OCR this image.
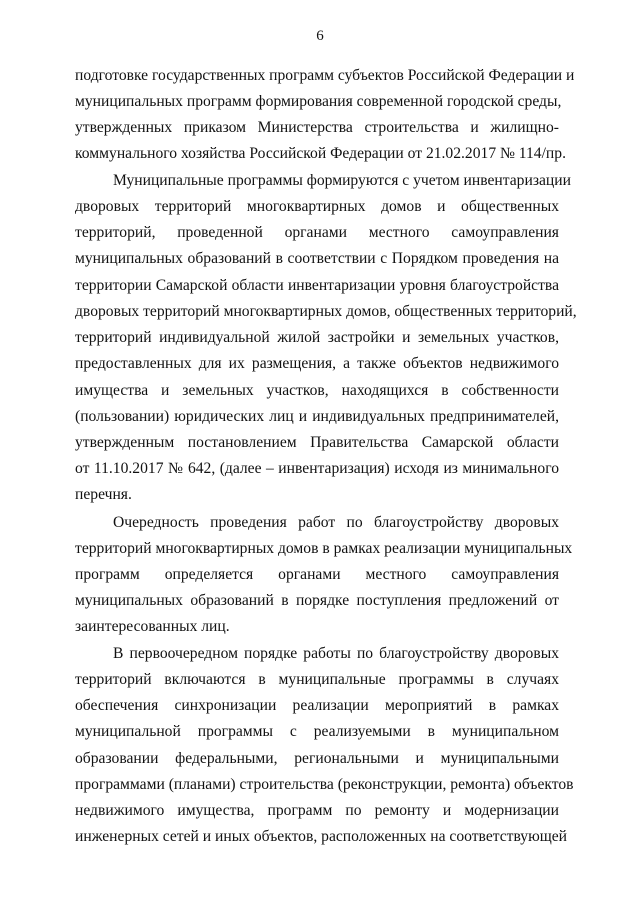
6
подготовке государственных программ субъектов Российской Федерации и
муниципальных программ формирования современной городской среды,
утвержденных приказом Министерства строительства и жилищно-
коммунального хозяйства Российской Федерации от 21.02.2017 № 114/пр.
Муниципальные программы формируются с учетом инвентаризации
дворовых территорий многоквартирных домов и общественных
территорий, проведенной органами местного самоуправления
муниципальных образований в соответствии с Порядком проведения на
территории Самарской области инвентаризации уровня благоустройства
дворовых территорий многоквартирных домов, общественных территорий,
территорий индивидуальной жилой застройки и земельных участков,
предоставленных для их размещения, а также объектов недвижимого
имущества и земельных участков, находящихся в собственности
(пользовании) юридических лиц и индивидуальных предпринимателей,
утвержденным постановлением Правительства Самарской области
от 11.10.2017 № 642, (далее – инвентаризация) исходя из минимального
перечня.
Очередность проведения работ по благоустройству дворовых
территорий многоквартирных домов в рамках реализации муниципальных
программ определяется органами местного самоуправления
муниципальных образований в порядке поступления предложений от
заинтересованных лиц.
В первоочередном порядке работы по благоустройству дворовых
территорий включаются в муниципальные программы в случаях
обеспечения синхронизации реализации мероприятий в рамках
муниципальной программы с реализуемыми в муниципальном
образовании федеральными, региональными и муниципальными
программами (планами) строительства (реконструкции, ремонта) объектов
недвижимого имущества, программ по ремонту и модернизации
инженерных сетей и иных объектов, расположенных на соответствующей
